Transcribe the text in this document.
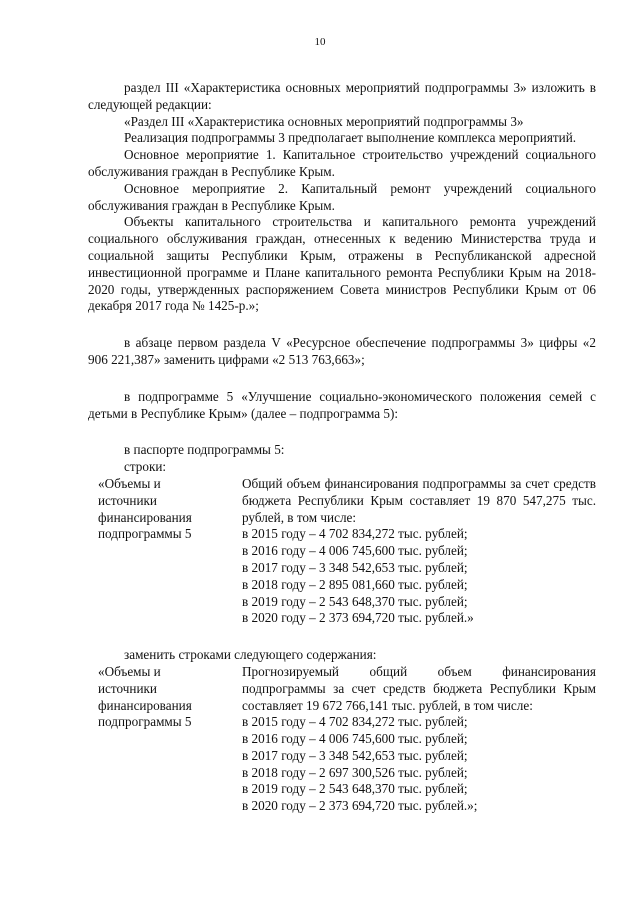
10

раздел III «Характеристика основных мероприятий подпрограммы 3» изложить в следующей редакции:

«Раздел III «Характеристика основных мероприятий подпрограммы 3»

Реализация подпрограммы 3 предполагает выполнение комплекса мероприятий.

Основное мероприятие 1. Капитальное строительство учреждений социального обслуживания граждан в Республике Крым.

Основное мероприятие 2. Капитальный ремонт учреждений социального обслуживания граждан в Республике Крым.

Объекты капитального строительства и капитального ремонта учреждений социального обслуживания граждан, отнесенных к ведению Министерства труда и социальной защиты Республики Крым, отражены в Республиканской адресной инвестиционной программе и Плане капитального ремонта Республики Крым на 2018-2020 годы, утвержденных распоряжением Совета министров Республики Крым от 06 декабря 2017 года № 1425-р.»;

в абзаце первом раздела V «Ресурсное обеспечение подпрограммы 3» цифры «2 906 221,387» заменить цифрами «2 513 763,663»;

в подпрограмме 5 «Улучшение социально-экономического положения семей с детьми в Республике Крым» (далее – подпрограмма 5):

в паспорте подпрограммы 5:

строки:

«Объемы и
источники
финансирования
подпрограммы 5
Общий объем финансирования подпрограммы за счет средств бюджета Республики Крым составляет 19 870 547,275 тыс. рублей, в том числе:
в 2015 году – 4 702 834,272 тыс. рублей;
в 2016 году – 4 006 745,600 тыс. рублей;
в 2017 году – 3 348 542,653 тыс. рублей;
в 2018 году – 2 895 081,660 тыс. рублей;
в 2019 году – 2 543 648,370 тыс. рублей;
в 2020 году – 2 373 694,720 тыс. рублей.»

заменить строками следующего содержания:

«Объемы и
источники
финансирования
подпрограммы 5
Прогнозируемый общий объем финансирования подпрограммы за счет средств бюджета Республики Крым составляет 19 672 766,141 тыс. рублей, в том числе:
в 2015 году – 4 702 834,272 тыс. рублей;
в 2016 году – 4 006 745,600 тыс. рублей;
в 2017 году – 3 348 542,653 тыс. рублей;
в 2018 году – 2 697 300,526 тыс. рублей;
в 2019 году – 2 543 648,370 тыс. рублей;
в 2020 году – 2 373 694,720 тыс. рублей.»;
